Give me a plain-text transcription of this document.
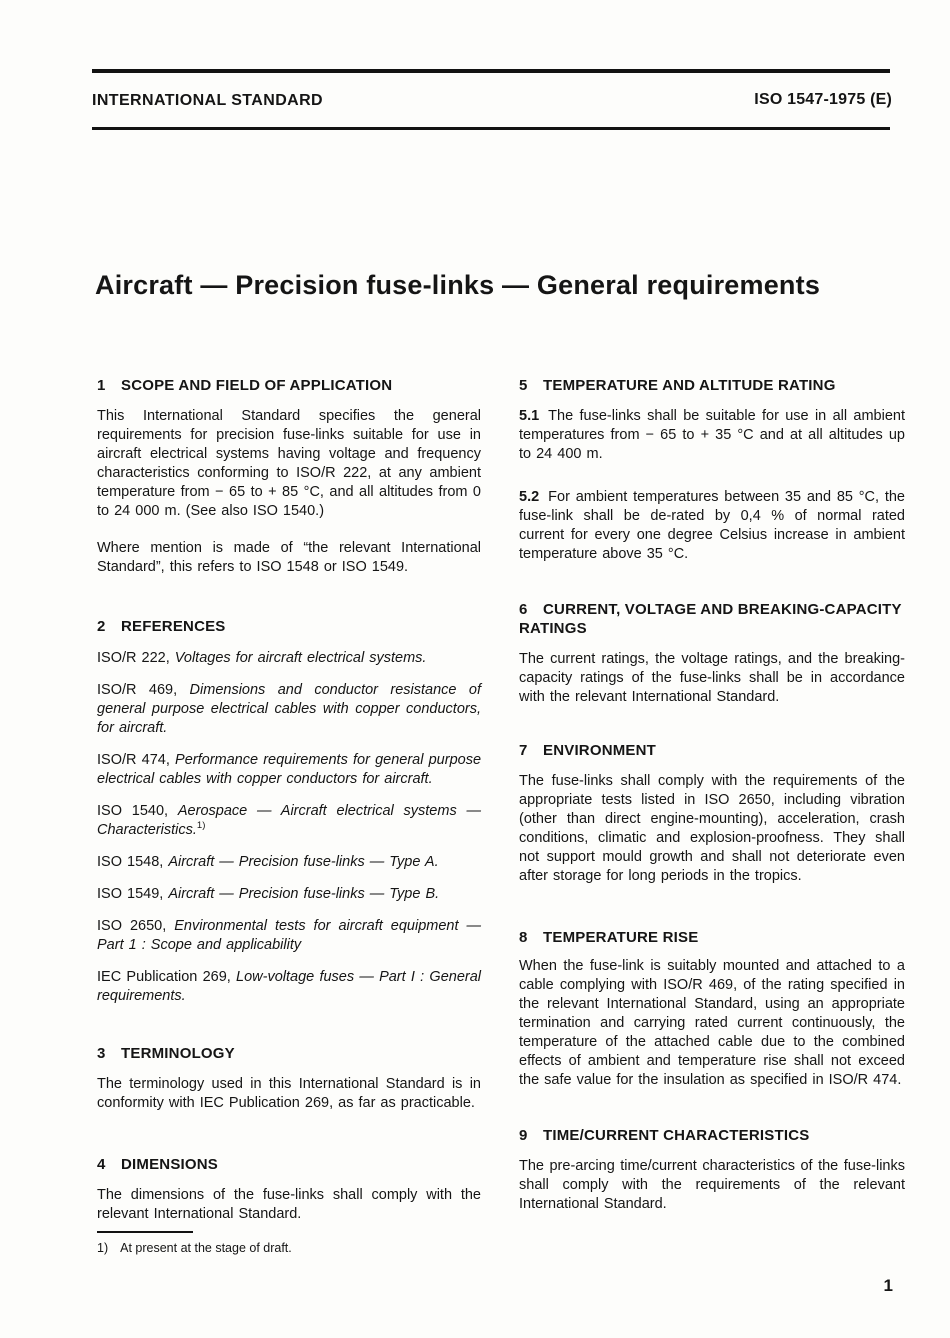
INTERNATIONAL STANDARD	ISO 1547-1975 (E)
Aircraft — Precision fuse-links — General requirements
1 SCOPE AND FIELD OF APPLICATION

This International Standard specifies the general requirements for precision fuse-links suitable for use in aircraft electrical systems having voltage and frequency characteristics conforming to ISO/R 222, at any ambient temperature from − 65 to + 85 °C, and all altitudes from 0 to 24 000 m. (See also ISO 1540.)

Where mention is made of “the relevant International Standard”, this refers to ISO 1548 or ISO 1549.

2 REFERENCES

ISO/R 222, Voltages for aircraft electrical systems.

ISO/R 469, Dimensions and conductor resistance of general purpose electrical cables with copper conductors, for aircraft.

ISO/R 474, Performance requirements for general purpose electrical cables with copper conductors for aircraft.

ISO 1540, Aerospace — Aircraft electrical systems — Characteristics.$^{1)}$

ISO 1548, Aircraft — Precision fuse-links — Type A.

ISO 1549, Aircraft — Precision fuse-links — Type B.

ISO 2650, Environmental tests for aircraft equipment — Part 1 : Scope and applicability

IEC Publication 269, Low-voltage fuses — Part I : General requirements.

3 TERMINOLOGY

The terminology used in this International Standard is in conformity with IEC Publication 269, as far as practicable.

4 DIMENSIONS

The dimensions of the fuse-links shall comply with the relevant International Standard.

5 TEMPERATURE AND ALTITUDE RATING

5.1 The fuse-links shall be suitable for use in all ambient temperatures from − 65 to + 35 °C and at all altitudes up to 24 400 m.

5.2 For ambient temperatures between 35 and 85 °C, the fuse-link shall be de-rated by 0,4 % of normal rated current for every one degree Celsius increase in ambient temperature above 35 °C.

6 CURRENT, VOLTAGE AND BREAKING-CAPACITY RATINGS

The current ratings, the voltage ratings, and the breaking-capacity ratings of the fuse-links shall be in accordance with the relevant International Standard.

7 ENVIRONMENT

The fuse-links shall comply with the requirements of the appropriate tests listed in ISO 2650, including vibration (other than direct engine-mounting), acceleration, crash conditions, climatic and explosion-proofness. They shall not support mould growth and shall not deteriorate even after storage for long periods in the tropics.

8 TEMPERATURE RISE

When the fuse-link is suitably mounted and attached to a cable complying with ISO/R 469, of the rating specified in the relevant International Standard, using an appropriate termination and carrying rated current continuously, the temperature of the attached cable due to the combined effects of ambient and temperature rise shall not exceed the safe value for the insulation as specified in ISO/R 474.

9 TIME/CURRENT CHARACTERISTICS

The pre-arcing time/current characteristics of the fuse-links shall comply with the requirements of the relevant International Standard.

1) At present at the stage of draft.
1
